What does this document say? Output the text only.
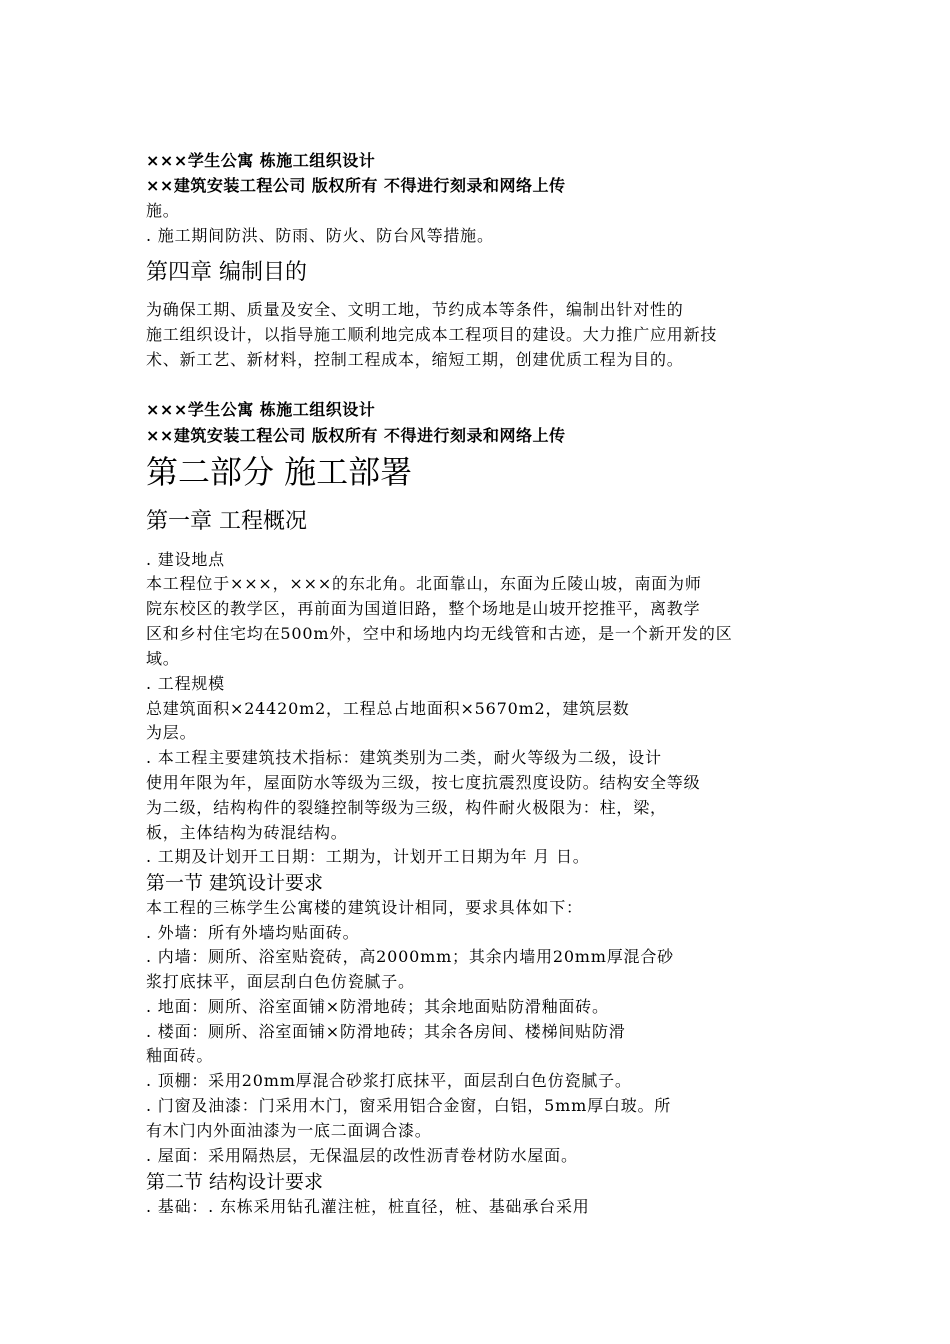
×××学生公寓 栋施工组织设计
××建筑安装工程公司 版权所有 不得进行刻录和网络上传
施。
. 施工期间防洪、防雨、防火、防台风等措施。
第四章 编制目的
为确保工期、质量及安全、文明工地，节约成本等条件，编制出针对性的
施工组织设计，以指导施工顺利地完成本工程项目的建设。大力推广应用新技
术、新工艺、新材料，控制工程成本，缩短工期，创建优质工程为目的。
×××学生公寓 栋施工组织设计
××建筑安装工程公司 版权所有 不得进行刻录和网络上传
第二部分 施工部署
第一章 工程概况
. 建设地点
本工程位于×××，×××的东北角。北面靠山，东面为丘陵山坡，南面为师
院东校区的教学区，再前面为国道旧路，整个场地是山坡开挖推平，离教学
区和乡村住宅均在500m外，空中和场地内均无线管和古迹，是一个新开发的区
域。
. 工程规模
总建筑面积×24420m2，工程总占地面积×5670m2，建筑层数
为层。
. 本工程主要建筑技术指标：建筑类别为二类，耐火等级为二级，设计
使用年限为年，屋面防水等级为三级，按七度抗震烈度设防。结构安全等级
为二级，结构构件的裂缝控制等级为三级，构件耐火极限为：柱，梁，
板，主体结构为砖混结构。
. 工期及计划开工日期：工期为，计划开工日期为年 月 日。
第一节 建筑设计要求
本工程的三栋学生公寓楼的建筑设计相同，要求具体如下：
. 外墙：所有外墙均贴面砖。
. 内墙：厕所、浴室贴瓷砖，高2000mm；其余内墙用20mm厚混合砂
浆打底抹平，面层刮白色仿瓷腻子。
. 地面：厕所、浴室面铺×防滑地砖；其余地面贴防滑釉面砖。
. 楼面：厕所、浴室面铺×防滑地砖；其余各房间、楼梯间贴防滑
釉面砖。
. 顶棚：采用20mm厚混合砂浆打底抹平，面层刮白色仿瓷腻子。
. 门窗及油漆：门采用木门，窗采用铝合金窗，白铝，5mm厚白玻。所
有木门内外面油漆为一底二面调合漆。
. 屋面：采用隔热层，无保温层的改性沥青卷材防水屋面。
第二节 结构设计要求
. 基础：. 东栋采用钻孔灌注桩，桩直径，桩、基础承台采用
